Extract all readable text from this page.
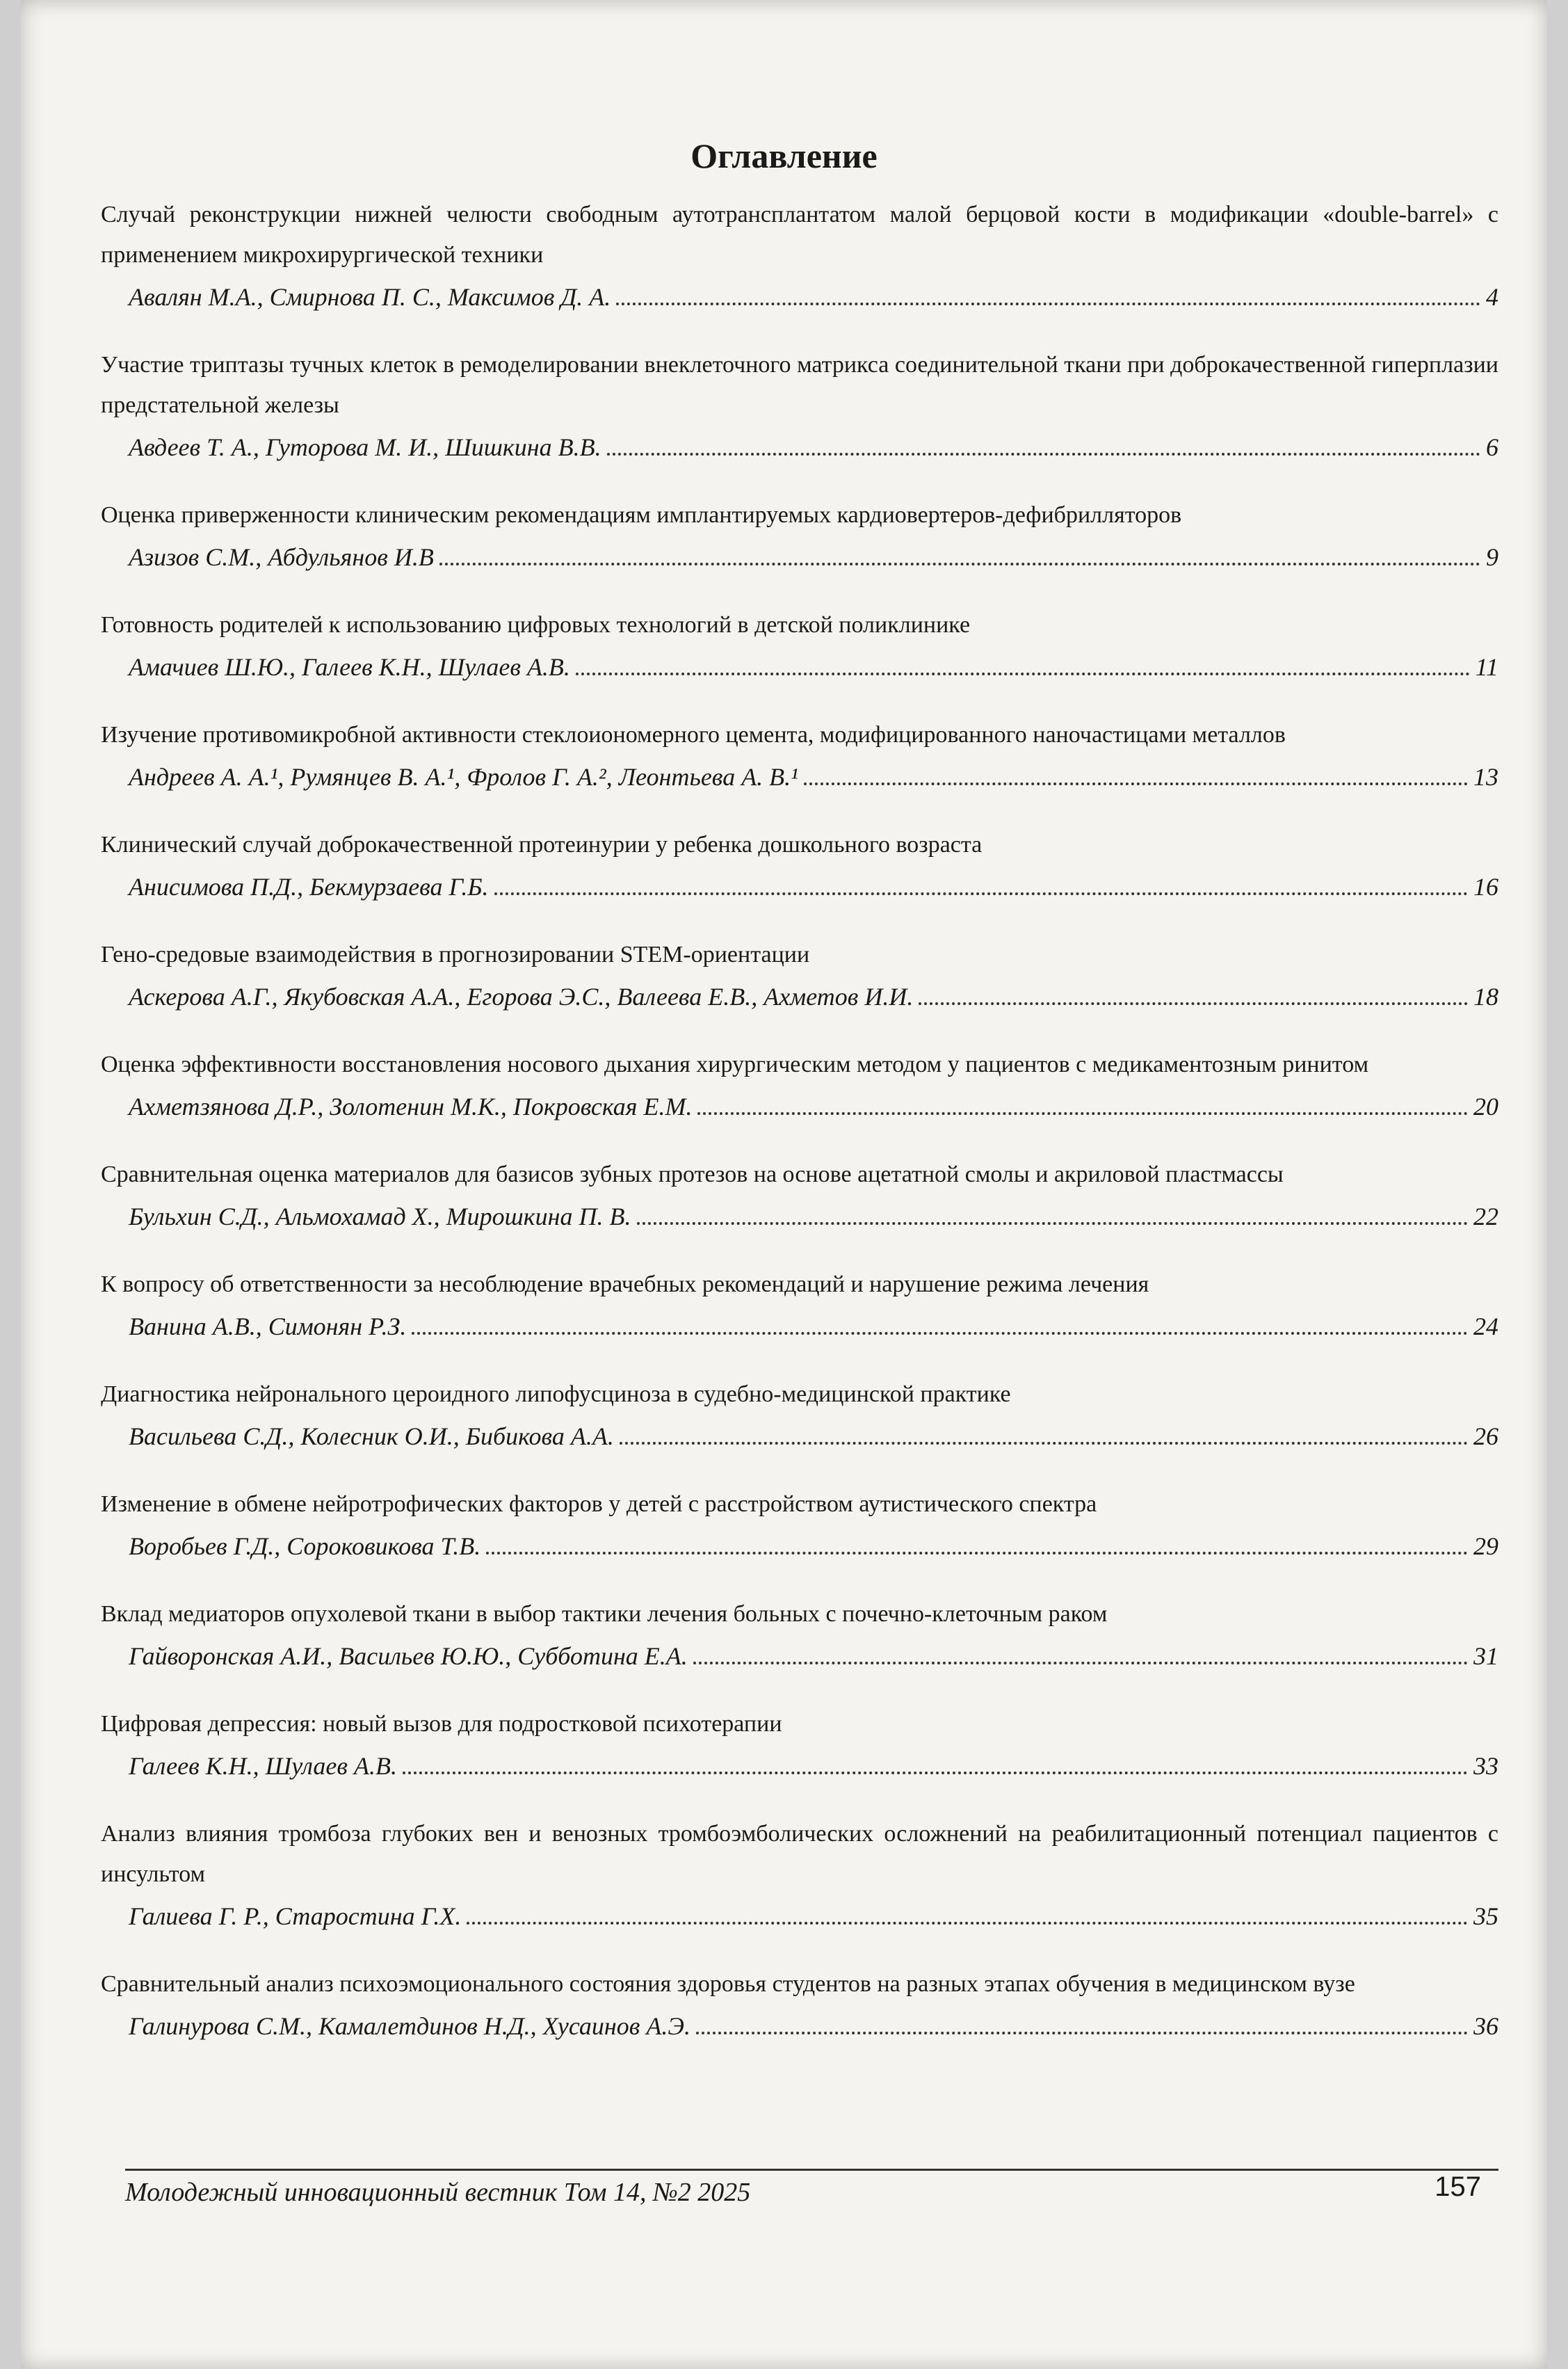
Оглавление
Случай реконструкции нижней челюсти свободным аутотрансплантатом малой берцовой кости в модификации «double-barrel» с применением микрохирургической техники
Авалян М.А., Смирнова П. С., Максимов Д. А.	4
Участие триптазы тучных клеток в ремоделировании внеклеточного матрикса соединительной ткани при доброкачественной гиперплазии предстательной железы
Авдеев Т. А., Гуторова М. И., Шишкина В.В.	6
Оценка приверженности клиническим рекомендациям имплантируемых кардиовертеров-дефибрилляторов
Азизов С.М., Абдульянов И.В	9
Готовность родителей к использованию цифровых технологий в детской поликлинике
Амачиев Ш.Ю., Галеев К.Н., Шулаев А.В.	11
Изучение противомикробной активности стеклоиономерного цемента, модифицированного наночастицами металлов
Андреев А. А.¹, Румянцев В. А.¹, Фролов Г. А.², Леонтьева А. В.¹	13
Клинический случай доброкачественной протеинурии у ребенка дошкольного возраста
Анисимова П.Д., Бекмурзаева Г.Б.	16
Гено-средовые взаимодействия в прогнозировании STEM-ориентации
Аскерова А.Г., Якубовская А.А., Егорова Э.С., Валеева Е.В., Ахметов И.И.	18
Оценка эффективности восстановления носового дыхания хирургическим методом у пациентов с медикаментозным ринитом
Ахметзянова Д.Р., Золотенин М.К., Покровская Е.М.	20
Сравнительная оценка материалов для базисов зубных протезов на основе ацетатной смолы и акриловой пластмассы
Бульхин С.Д., Альмохамад Х., Мирошкина П. В.	22
К вопросу об ответственности за несоблюдение врачебных рекомендаций и нарушение режима лечения
Ванина А.В., Симонян Р.З.	24
Диагностика нейронального цероидного липофусциноза в судебно-медицинской практике
Васильева С.Д., Колесник О.И., Бибикова А.А.	26
Изменение в обмене нейротрофических факторов у детей с расстройством аутистического спектра
Воробьев Г.Д., Сороковикова Т.В.	29
Вклад медиаторов опухолевой ткани в выбор тактики лечения больных с почечно-клеточным раком
Гайворонская А.И., Васильев Ю.Ю., Субботина Е.А.	31
Цифровая депрессия: новый вызов для подростковой психотерапии
Галеев К.Н., Шулаев А.В.	33
Анализ влияния тромбоза глубоких вен и венозных тромбоэмболических осложнений на реабилитационный потенциал пациентов с инсультом
Галиева Г. Р., Старостина Г.Х.	35
Сравнительный анализ психоэмоционального состояния здоровья студентов на разных этапах обучения в медицинском вузе
Галинурова С.М., Камалетдинов Н.Д., Хусаинов А.Э.	36
Молодежный инновационный вестник Том 14, №2 2025	157
